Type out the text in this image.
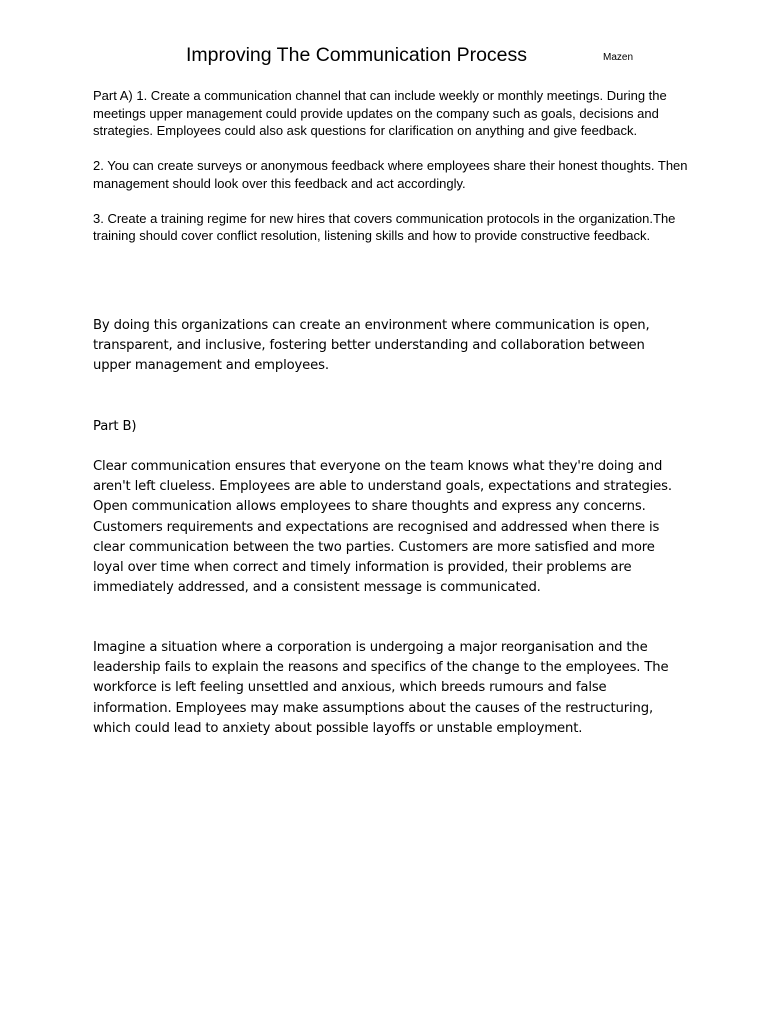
Improving The Communication Process	Mazen

Part A) 1. Create a communication channel that can include weekly or monthly meetings. During the meetings upper management could provide updates on the company such as goals, decisions and strategies. Employees could also ask questions for clarification on anything and give feedback.

2. You can create surveys or anonymous feedback where employees share their honest thoughts. Then management should look over this feedback and act accordingly.

3. Create a training regime for new hires that covers communication protocols in the organization.The training should cover conflict resolution, listening skills and how to provide constructive feedback.

By doing this organizations can create an environment where communication is open, transparent, and inclusive, fostering better understanding and collaboration between upper management and employees.

Part B)

Clear communication ensures that everyone on the team knows what they're doing and aren't left clueless. Employees are able to understand goals, expectations and strategies. Open communication allows employees to share thoughts and express any concerns. Customers requirements and expectations are recognised and addressed when there is clear communication between the two parties. Customers are more satisfied and more loyal over time when correct and timely information is provided, their problems are immediately addressed, and a consistent message is communicated.

Imagine a situation where a corporation is undergoing a major reorganisation and the leadership fails to explain the reasons and specifics of the change to the employees. The workforce is left feeling unsettled and anxious, which breeds rumours and false information. Employees may make assumptions about the causes of the restructuring, which could lead to anxiety about possible layoffs or unstable employment.
